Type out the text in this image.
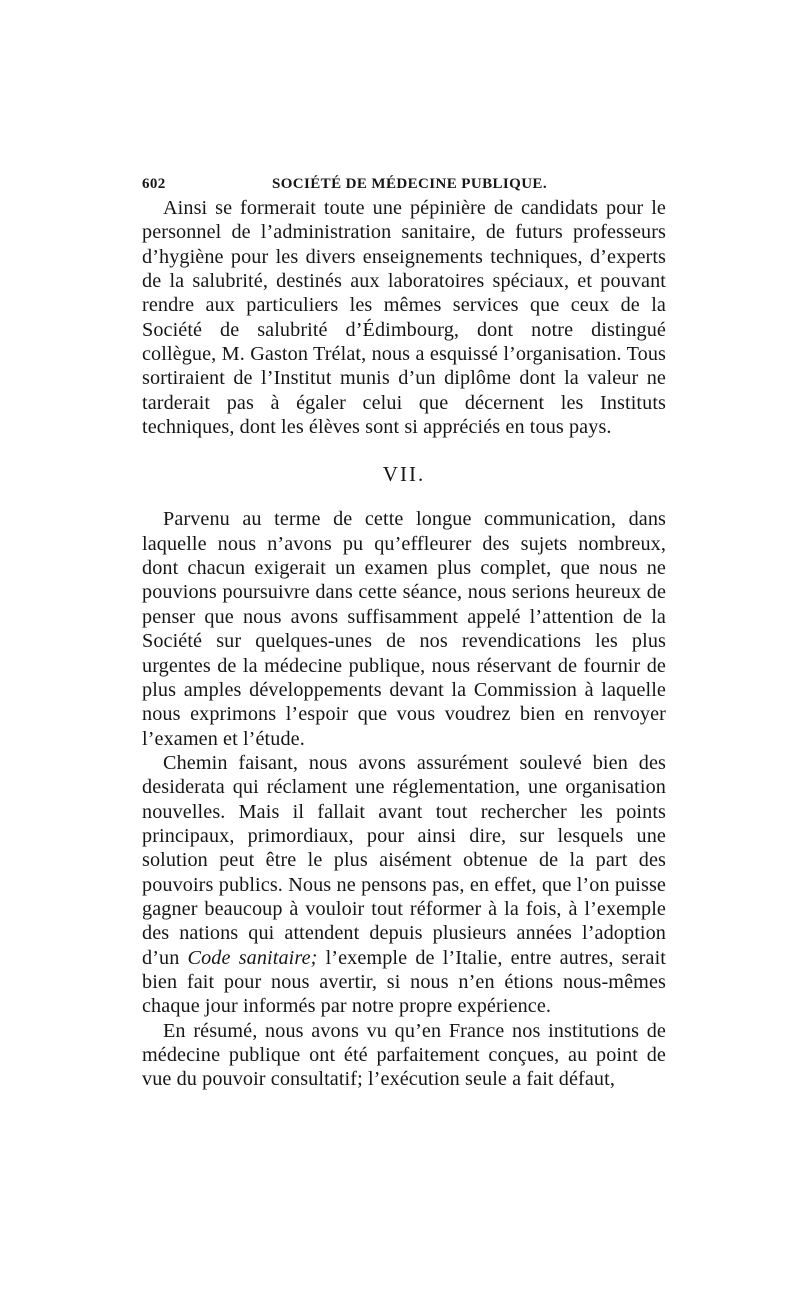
602	SOCIÉTÉ DE MÉDECINE PUBLIQUE.

Ainsi se formerait toute une pépinière de candidats pour le personnel de l’administration sanitaire, de futurs professeurs d’hygiène pour les divers enseignements techniques, d’experts de la salubrité, destinés aux laboratoires spéciaux, et pouvant rendre aux particuliers les mêmes services que ceux de la Société de salubrité d’Édimbourg, dont notre distingué collègue, M. Gaston Trélat, nous a esquissé l’organisation. Tous sortiraient de l’Institut munis d’un diplôme dont la valeur ne tarderait pas à égaler celui que décernent les Instituts techniques, dont les élèves sont si appréciés en tous pays.

VII.

Parvenu au terme de cette longue communication, dans laquelle nous n’avons pu qu’effleurer des sujets nombreux, dont chacun exigerait un examen plus complet, que nous ne pouvions poursuivre dans cette séance, nous serions heureux de penser que nous avons suffisamment appelé l’attention de la Société sur quelques-unes de nos revendications les plus urgentes de la médecine publique, nous réservant de fournir de plus amples développements devant la Commission à laquelle nous exprimons l’espoir que vous voudrez bien en renvoyer l’examen et l’étude.

Chemin faisant, nous avons assurément soulevé bien des desiderata qui réclament une réglementation, une organisation nouvelles. Mais il fallait avant tout rechercher les points principaux, primordiaux, pour ainsi dire, sur lesquels une solution peut être le plus aisément obtenue de la part des pouvoirs publics. Nous ne pensons pas, en effet, que l’on puisse gagner beaucoup à vouloir tout réformer à la fois, à l’exemple des nations qui attendent depuis plusieurs années l’adoption d’un Code sanitaire; l’exemple de l’Italie, entre autres, serait bien fait pour nous avertir, si nous n’en étions nous-mêmes chaque jour informés par notre propre expérience.

En résumé, nous avons vu qu’en France nos institutions de médecine publique ont été parfaitement conçues, au point de vue du pouvoir consultatif; l’exécution seule a fait défaut,
